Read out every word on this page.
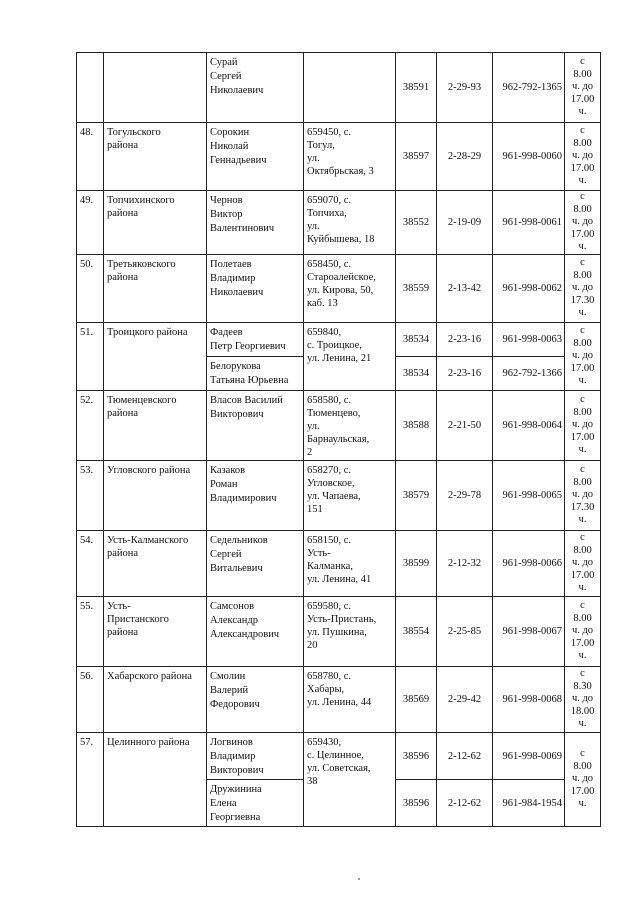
		Сурай
Сергей
Николаевич		38591	2-29-93	962-792-1365	с
8.00
ч. до
17.00
ч.

48.	Тогульского
района	Сорокин
Николай
Геннадьевич	659450, с.
Тогул,
ул.
Октябрьская, 3	38597	2-28-29	961-998-0060	с
8.00
ч. до
17.00
ч.

49.	Топчихинского
района	Чернов
Виктор
Валентинович	659070, с.
Топчиха,
ул.
Куйбышева, 18	38552	2-19-09	961-998-0061	с
8.00
ч. до
17.00
ч.

50.	Третьяковского
района	Полетаев
Владимир
Николаевич	658450, с.
Староалейское,
ул. Кирова, 50,
каб. 13	38559	2-13-42	961-998-0062	с
8.00
ч. до
17.30
ч.

51.	Троицкого района	Фадеев
Петр Георгиевич	659840,
с. Троицкое,
ул. Ленина, 21	38534	2-23-16	961-998-0063	с
8.00
ч. до
17.00
ч.

		Белорукова
Татьяна Юрьевна		38534	2-23-16	962-792-1366	
52.	Тюменцевского
района	Власов Василий
Викторович	658580, с.
Тюменцево,
ул.
Барнаульская,
2	38588	2-21-50	961-998-0064	с
8.00
ч. до
17.00
ч.

53.	Угловского района	Казаков
Роман
Владимирович	658270, с.
Угловское,
ул. Чапаева,
151	38579	2-29-78	961-998-0065	с
8.00
ч. до
17.30
ч.

54.	Усть-Калманского
района	Седельников
Сергей
Витальевич	658150, с.
Усть-
Калманка,
ул. Ленина, 41	38599	2-12-32	961-998-0066	с
8.00
ч. до
17.00
ч.

55.	Усть-
Пристанского
района	Самсонов
Александр
Александрович	659580, с.
Усть-Пристань,
ул. Пушкина,
20	38554	2-25-85	961-998-0067	с
8.00
ч. до
17.00
ч.

56.	Хабарского района	Смолин
Валерий
Федорович	658780, с.
Хабары,
ул. Ленина, 44	38569	2-29-42	961-998-0068	с
8.30
ч. до
18.00
ч.

57.	Целинного района	Логвинов
Владимир
Викторович	659430,
с. Целинное,
ул. Советская,
38	38596	2-12-62	961-998-0069	с
8.00
ч. до
17.00
ч.

		Дружинина
Елена
Георгиевна		38596	2-12-62	961-984-1954	
